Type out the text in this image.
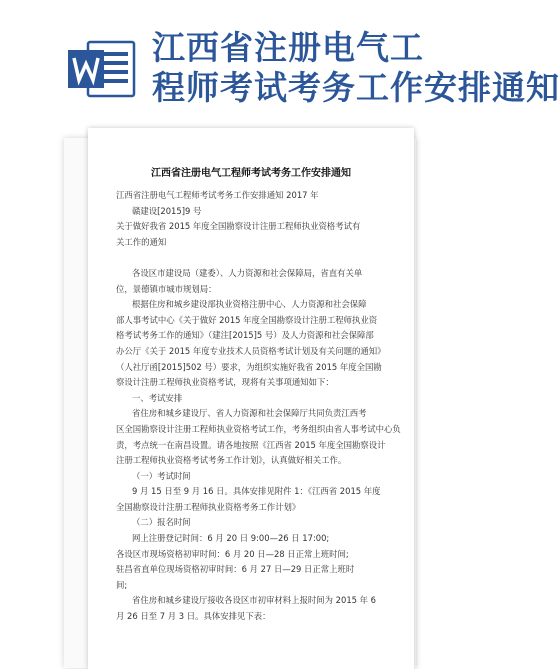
江西省注册电气工
程师考试考务工作安排通知
江西省注册电气工程师考试考务工作安排通知

江西省注册电气工程师考试考务工作安排通知 2017 年

赣建设[2015]9 号

关于做好我省 2015 年度全国勘察设计注册工程师执业资格考试有

关工作的通知

各设区市建设局（建委）、人力资源和社会保障局，省直有关单

位，景德镇市城市规划局：

根据住房和城乡建设部执业资格注册中心、人力资源和社会保障

部人事考试中心《关于做好 2015 年度全国勘察设计注册工程师执业资

格考试考务工作的通知》（建注[2015]5 号）及人力资源和社会保障部

办公厅《关于 2015 年度专业技术人员资格考试计划及有关问题的通知》

（人社厅函[2015]502 号）要求，为组织实施好我省 2015 年度全国勘

察设计注册工程师执业资格考试，现将有关事项通知如下：

一、考试安排

省住房和城乡建设厅、省人力资源和社会保障厅共同负责江西考

区全国勘察设计注册工程师执业资格考试工作，考务组织由省人事考试中心负

责，考点统一在南昌设置。请各地按照《江西省 2015 年度全国勘察设计

注册工程师执业资格考试考务工作计划》，认真做好相关工作。

（一）考试时间

9 月 15 日至 9 月 16 日。具体安排见附件 1：《江西省 2015 年度

全国勘察设计注册工程师执业资格考务工作计划》

（二）报名时间

网上注册登记时间：6 月 20 日 9:00—26 日 17:00;

各设区市现场资格初审时间：6 月 20 日—28 日正常上班时间;

驻昌省直单位现场资格初审时间：6 月 27 日—29 日正常上班时

间;

省住房和城乡建设厅接收各设区市初审材料上报时间为 2015 年 6

月 26 日至 7 月 3 日。具体安排见下表：
